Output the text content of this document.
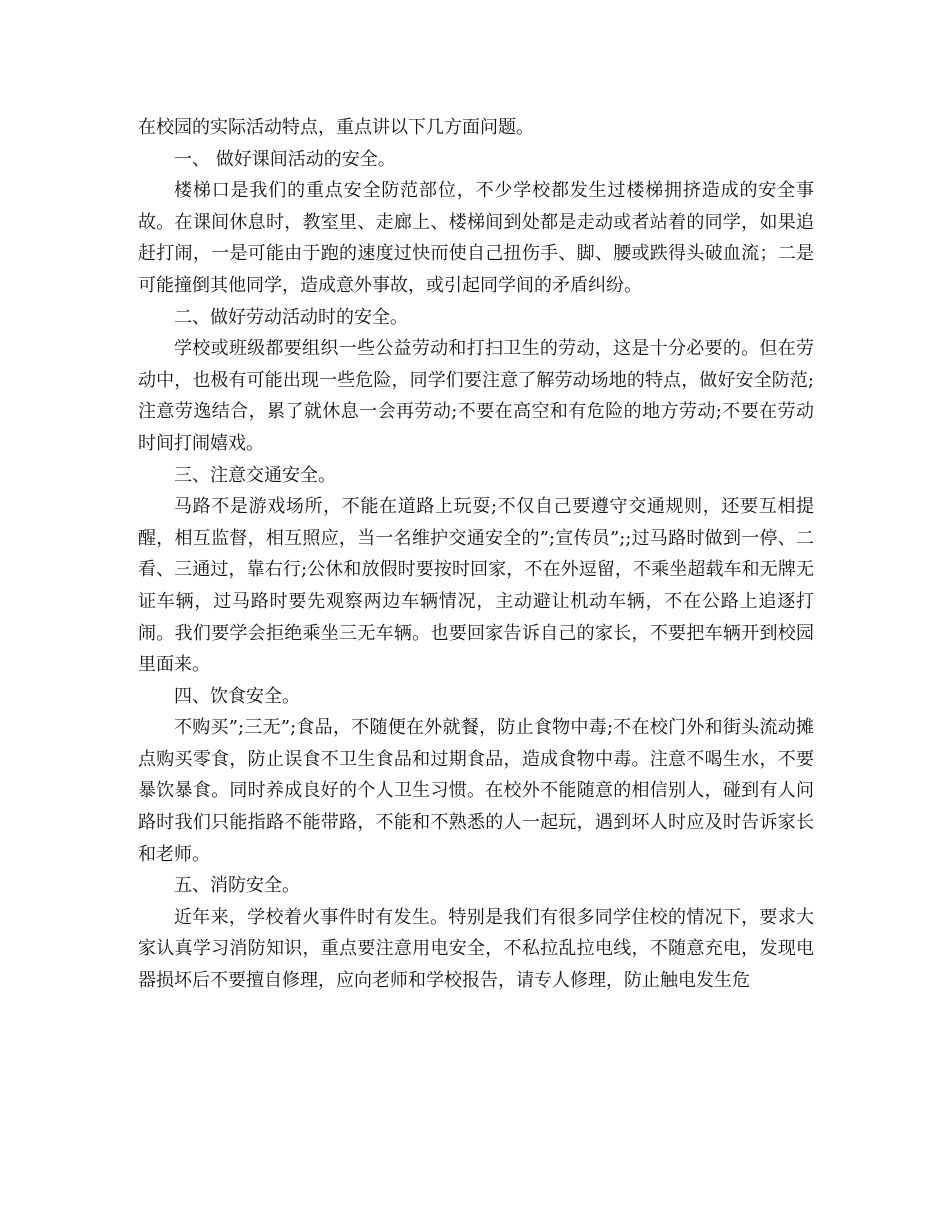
在校园的实际活动特点，重点讲以下几方面问题。

一、 做好课间活动的安全。

楼梯口是我们的重点安全防范部位，不少学校都发生过楼梯拥挤造成的安全事故。在课间休息时，教室里、走廊上、楼梯间到处都是走动或者站着的同学，如果追赶打闹，一是可能由于跑的速度过快而使自己扭伤手、脚、腰或跌得头破血流；二是可能撞倒其他同学，造成意外事故，或引起同学间的矛盾纠纷。

二、做好劳动活动时的安全。

学校或班级都要组织一些公益劳动和打扫卫生的劳动，这是十分必要的。但在劳动中，也极有可能出现一些危险，同学们要注意了解劳动场地的特点，做好安全防范;注意劳逸结合，累了就休息一会再劳动;不要在高空和有危险的地方劳动;不要在劳动时间打闹嬉戏。

三、注意交通安全。

马路不是游戏场所，不能在道路上玩耍;不仅自己要遵守交通规则，还要互相提醒，相互监督，相互照应，当一名维护交通安全的”;宣传员”;;过马路时做到一停、二看、三通过，靠右行;公休和放假时要按时回家，不在外逗留，不乘坐超载车和无牌无证车辆，过马路时要先观察两边车辆情况，主动避让机动车辆，不在公路上追逐打闹。我们要学会拒绝乘坐三无车辆。也要回家告诉自己的家长，不要把车辆开到校园里面来。

四、饮食安全。

不购买”;三无”;食品，不随便在外就餐，防止食物中毒;不在校门外和街头流动摊点购买零食，防止误食不卫生食品和过期食品，造成食物中毒。注意不喝生水，不要暴饮暴食。同时养成良好的个人卫生习惯。在校外不能随意的相信别人，碰到有人问路时我们只能指路不能带路，不能和不熟悉的人一起玩，遇到坏人时应及时告诉家长和老师。

五、消防安全。

近年来，学校着火事件时有发生。特别是我们有很多同学住校的情况下，要求大家认真学习消防知识，重点要注意用电安全，不私拉乱拉电线，不随意充电，发现电器损坏后不要擅自修理，应向老师和学校报告，请专人修理，防止触电发生危
